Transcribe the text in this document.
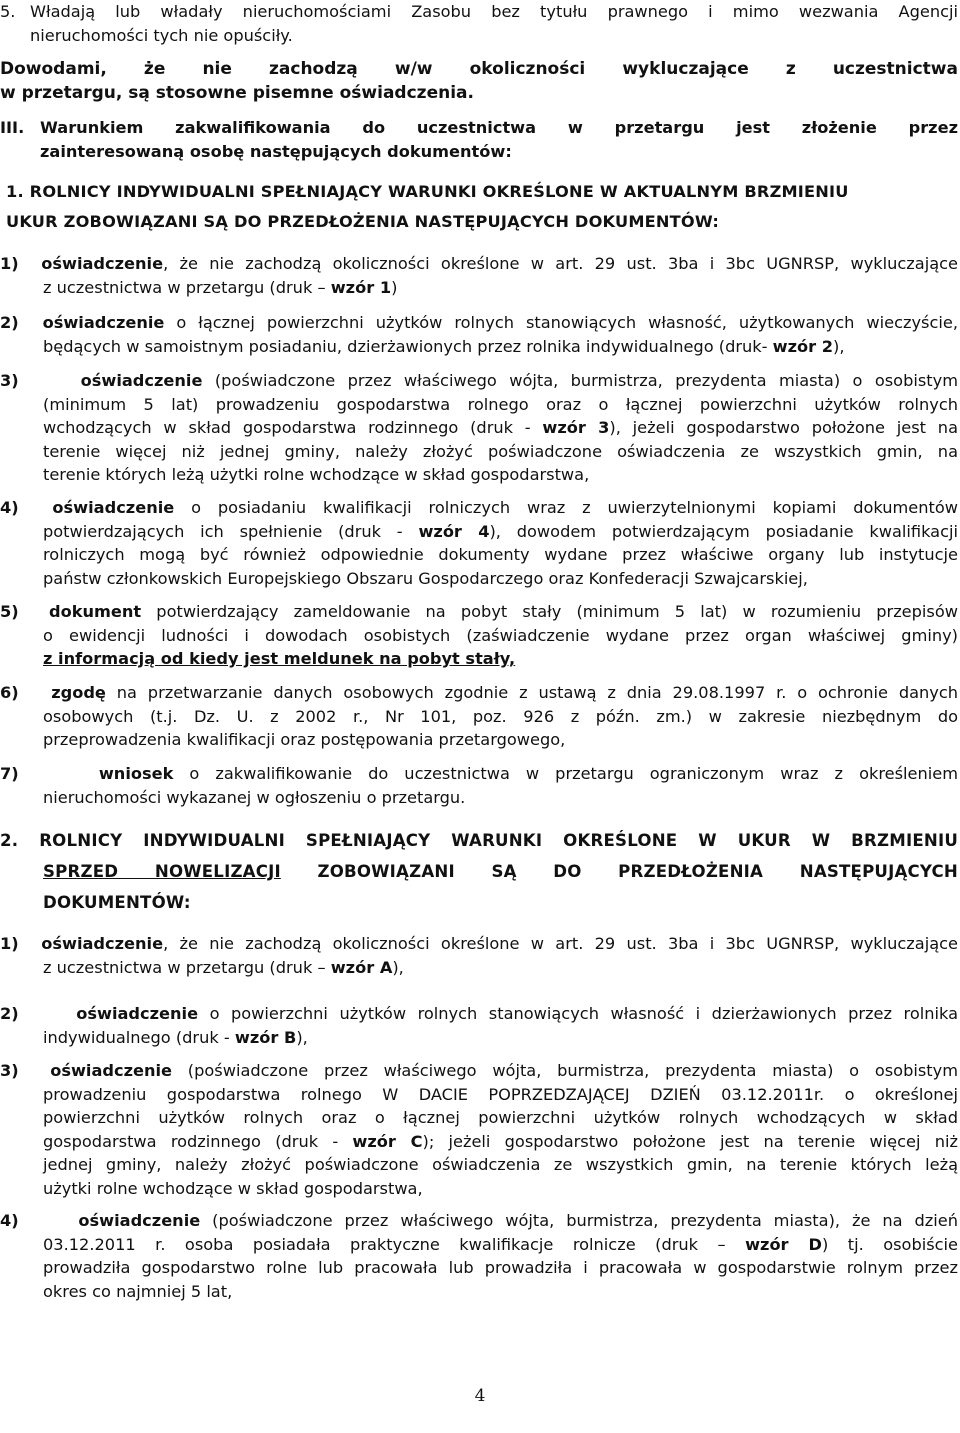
5. Władają lub władały nieruchomościami Zasobu bez tytułu prawnego i mimo wezwania Agencji
nieruchomości tych nie opuściły.
Dowodami, że nie zachodzą w/w okoliczności wykluczające z uczestnictwa
w przetargu, są stosowne pisemne oświadczenia.
III. Warunkiem zakwalifikowania do uczestnictwa w przetargu jest złożenie przez
zainteresowaną osobę następujących dokumentów:
1. ROLNICY INDYWIDUALNI SPEŁNIAJĄCY WARUNKI OKREŚLONE W AKTUALNYM BRZMIENIU
UKUR ZOBOWIĄZANI SĄ DO PRZEDŁOŻENIA NASTĘPUJĄCYCH DOKUMENTÓW:
1) oświadczenie, że nie zachodzą okoliczności określone w art. 29 ust. 3ba i 3bc UGNRSP, wykluczające
z uczestnictwa w przetargu (druk – wzór 1)
2) oświadczenie o łącznej powierzchni użytków rolnych stanowiących własność, użytkowanych wieczyście,
będących w samoistnym posiadaniu, dzierżawionych przez rolnika indywidualnego (druk- wzór 2),
3)	oświadczenie (poświadczone przez właściwego wójta, burmistrza, prezydenta miasta) o osobistym
(minimum 5 lat) prowadzeniu gospodarstwa rolnego oraz o łącznej powierzchni użytków rolnych
wchodzących w skład gospodarstwa rodzinnego (druk - wzór 3), jeżeli gospodarstwo położone jest na
terenie więcej niż jednej gminy, należy złożyć poświadczone oświadczenia ze wszystkich gmin, na
terenie których leżą użytki rolne wchodzące w skład gospodarstwa,
4) oświadczenie o posiadaniu kwalifikacji rolniczych wraz z uwierzytelnionymi kopiami dokumentów
potwierdzających ich spełnienie (druk - wzór 4), dowodem potwierdzającym posiadanie kwalifikacji
rolniczych mogą być również odpowiednie dokumenty wydane przez właściwe organy lub instytucje
państw członkowskich Europejskiego Obszaru Gospodarczego oraz Konfederacji Szwajcarskiej,
5) dokument potwierdzający zameldowanie na pobyt stały (minimum 5 lat) w rozumieniu przepisów
o ewidencji ludności i dowodach osobistych (zaświadczenie wydane przez organ właściwej gminy)
z informacją od kiedy jest meldunek na pobyt stały,
6) zgodę na przetwarzanie danych osobowych zgodnie z ustawą z dnia 29.08.1997 r. o ochronie danych
osobowych (t.j. Dz. U. z 2002 r., Nr 101, poz. 926 z późn. zm.) w zakresie niezbędnym do
przeprowadzenia kwalifikacji oraz postępowania przetargowego,
7)	wniosek o zakwalifikowanie do uczestnictwa w przetargu ograniczonym wraz z określeniem
nieruchomości wykazanej w ogłoszeniu o przetargu.
2. ROLNICY INDYWIDUALNI SPEŁNIAJĄCY WARUNKI OKREŚLONE W UKUR W BRZMIENIU
SPRZED NOWELIZACJI ZOBOWIĄZANI SĄ DO PRZEDŁOŻENIA NASTĘPUJĄCYCH
DOKUMENTÓW:
1) oświadczenie, że nie zachodzą okoliczności określone w art. 29 ust. 3ba i 3bc UGNRSP, wykluczające
z uczestnictwa w przetargu (druk – wzór A),
2)	oświadczenie o powierzchni użytków rolnych stanowiących własność i dzierżawionych przez rolnika
indywidualnego (druk - wzór B),
3) oświadczenie (poświadczone przez właściwego wójta, burmistrza, prezydenta miasta) o osobistym
prowadzeniu gospodarstwa rolnego W DACIE POPRZEDZAJĄCEJ DZIEŃ 03.12.2011r. o określonej
powierzchni użytków rolnych oraz o łącznej powierzchni użytków rolnych wchodzących w skład
gospodarstwa rodzinnego (druk - wzór C); jeżeli gospodarstwo położone jest na terenie więcej niż
jednej gminy, należy złożyć poświadczone oświadczenia ze wszystkich gmin, na terenie których leżą
użytki rolne wchodzące w skład gospodarstwa,
4)	oświadczenie (poświadczone przez właściwego wójta, burmistrza, prezydenta miasta), że na dzień
03.12.2011 r. osoba posiadała praktyczne kwalifikacje rolnicze (druk – wzór D) tj. osobiście
prowadziła gospodarstwo rolne lub pracowała lub prowadziła i pracowała w gospodarstwie rolnym przez
okres co najmniej 5 lat,
4
